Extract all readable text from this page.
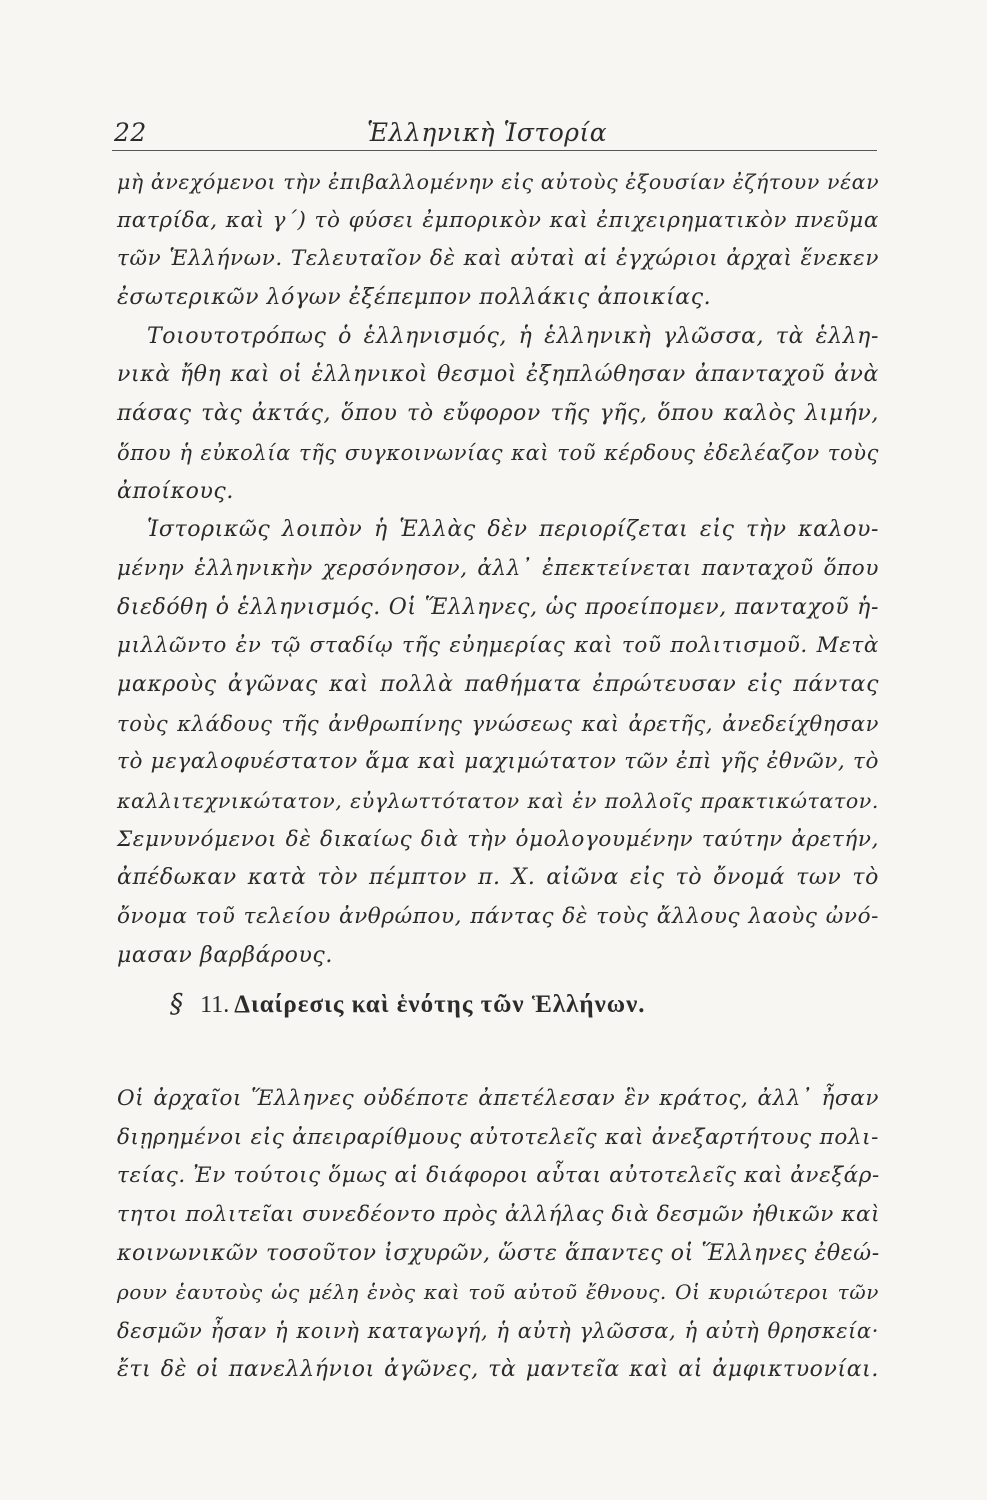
22	Ἑλληνικὴ Ἱστορία
μὴ ἀνεχόμενοι τὴν ἐπιβαλλομένην εἰς αὐτοὺς ἐξουσίαν ἐζήτουν νέαν
πατρίδα, καὶ γ΄) τὸ φύσει ἐμπορικὸν καὶ ἐπιχειρηματικὸν πνεῦμα
τῶν Ἑλλήνων. Τελευταῖον δὲ καὶ αὐταὶ αἱ ἐγχώριοι ἀρχαὶ ἕνεκεν
ἐσωτερικῶν λόγων ἐξέπεμπον πολλάκις ἀποικίας.
Τοιουτοτρόπως ὁ ἑλληνισμός, ἡ ἑλληνικὴ γλῶσσα, τὰ ἑλλη-
νικὰ ἤθη καὶ οἱ ἑλληνικοὶ θεσμοὶ ἐξηπλώθησαν ἀπανταχοῦ ἀνὰ
πάσας τὰς ἀκτάς, ὅπου τὸ εὔφορον τῆς γῆς, ὅπου καλὸς λιμήν,
ὅπου ἡ εὐκολία τῆς συγκοινωνίας καὶ τοῦ κέρδους ἐδελέαζον τοὺς
ἀποίκους.
Ἱστορικῶς λοιπὸν ἡ Ἑλλὰς δὲν περιορίζεται εἰς τὴν καλου-
μένην ἑλληνικὴν χερσόνησον, ἀλλ᾽ ἐπεκτείνεται πανταχοῦ ὅπου
διεδόθη ὁ ἑλληνισμός. Οἱ Ἕλληνες, ὡς προείπομεν, πανταχοῦ ἡ-
μιλλῶντο ἐν τῷ σταδίῳ τῆς εὐημερίας καὶ τοῦ πολιτισμοῦ. Μετὰ
μακροὺς ἀγῶνας καὶ πολλὰ παθήματα ἐπρώτευσαν εἰς πάντας
τοὺς κλάδους τῆς ἀνθρωπίνης γνώσεως καὶ ἀρετῆς, ἀνεδείχθησαν
τὸ μεγαλοφυέστατον ἅμα καὶ μαχιμώτατον τῶν ἐπὶ γῆς ἐθνῶν, τὸ
καλλιτεχνικώτατον, εὐγλωττότατον καὶ ἐν πολλοῖς πρακτικώτατον.
Σεμνυνόμενοι δὲ δικαίως διὰ τὴν ὁμολογουμένην ταύτην ἀρετήν,
ἀπέδωκαν κατὰ τὸν πέμπτον π. Χ. αἰῶνα εἰς τὸ ὄνομά των τὸ
ὄνομα τοῦ τελείου ἀνθρώπου, πάντας δὲ τοὺς ἄλλους λαοὺς ὠνό-
μασαν βαρβάρους.
§ 11. Διαίρεσις καὶ ἑνότης τῶν Ἑλλήνων.
Οἱ ἀρχαῖοι Ἕλληνες οὐδέποτε ἀπετέλεσαν ἓν κράτος, ἀλλ᾽ ἦσαν
διῃρημένοι εἰς ἀπειραρίθμους αὐτοτελεῖς καὶ ἀνεξαρτήτους πολι-
τείας. Ἐν τούτοις ὅμως αἱ διάφοροι αὗται αὐτοτελεῖς καὶ ἀνεξάρ-
τητοι πολιτεῖαι συνεδέοντο πρὸς ἀλλήλας διὰ δεσμῶν ἠθικῶν καὶ
κοινωνικῶν τοσοῦτον ἰσχυρῶν, ὥστε ἅπαντες οἱ Ἕλληνες ἐθεώ-
ρουν ἑαυτοὺς ὡς μέλη ἑνὸς καὶ τοῦ αὐτοῦ ἔθνους. Οἱ κυριώτεροι τῶν
δεσμῶν ἦσαν ἡ κοινὴ καταγωγή, ἡ αὐτὴ γλῶσσα, ἡ αὐτὴ θρησκεία·
ἔτι δὲ οἱ πανελλήνιοι ἀγῶνες, τὰ μαντεῖα καὶ αἱ ἀμφικτυονίαι.
